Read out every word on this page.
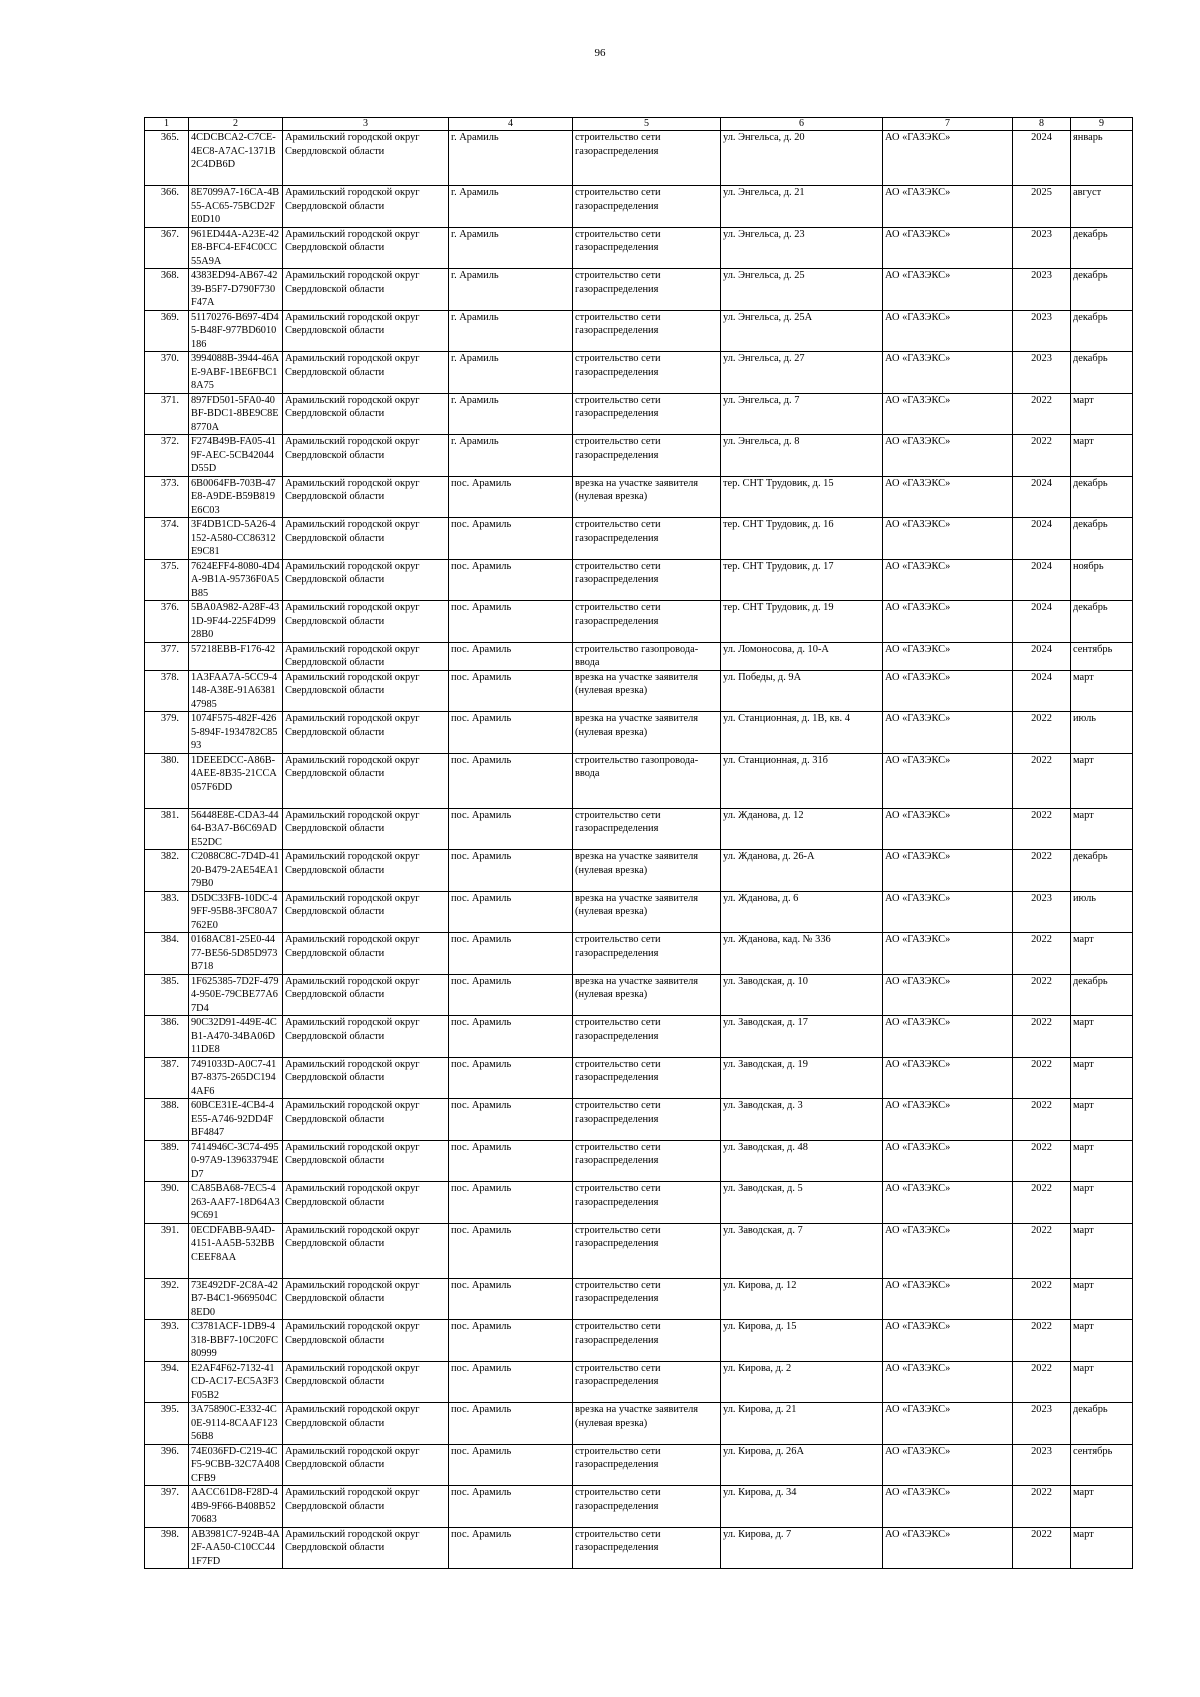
96
1	2	3	4	5	6	7	8	9
365.	4CDCBCA2-C7CE-4EC8-A7AC-1371B2C4DB6D	Арамильский городской округ Свердловской области	г. Арамиль	строительство сети газораспределения	ул. Энгельса, д. 20	АО «ГАЗЭКС»	2024	январь
366.	8E7099A7-16CA-4B55-AC65-75BCD2FE0D10	Арамильский городской округ Свердловской области	г. Арамиль	строительство сети газораспределения	ул. Энгельса, д. 21	АО «ГАЗЭКС»	2025	август
367.	961ED44A-A23E-42E8-BFC4-EF4C0CC55A9A	Арамильский городской округ Свердловской области	г. Арамиль	строительство сети газораспределения	ул. Энгельса, д. 23	АО «ГАЗЭКС»	2023	декабрь
368.	4383ED94-AB67-4239-B5F7-D790F730F47A	Арамильский городской округ Свердловской области	г. Арамиль	строительство сети газораспределения	ул. Энгельса, д. 25	АО «ГАЗЭКС»	2023	декабрь
369.	51170276-B697-4D45-B48F-977BD6010186	Арамильский городской округ Свердловской области	г. Арамиль	строительство сети газораспределения	ул. Энгельса, д. 25А	АО «ГАЗЭКС»	2023	декабрь
370.	3994088B-3944-46AE-9ABF-1BE6FBC18A75	Арамильский городской округ Свердловской области	г. Арамиль	строительство сети газораспределения	ул. Энгельса, д. 27	АО «ГАЗЭКС»	2023	декабрь
371.	897FD501-5FA0-40BF-BDC1-8BE9C8E8770A	Арамильский городской округ Свердловской области	г. Арамиль	строительство сети газораспределения	ул. Энгельса, д. 7	АО «ГАЗЭКС»	2022	март
372.	F274B49B-FA05-419F-AEC-5CB42044D55D	Арамильский городской округ Свердловской области	г. Арамиль	строительство сети газораспределения	ул. Энгельса, д. 8	АО «ГАЗЭКС»	2022	март
373.	6B0064FB-703B-47E8-A9DE-B59B819E6C03	Арамильский городской округ Свердловской области	пос. Арамиль	врезка на участке заявителя (нулевая врезка)	тер. СНТ Трудовик, д. 15	АО «ГАЗЭКС»	2024	декабрь
374.	3F4DB1CD-5A26-4152-A580-CC86312E9C81	Арамильский городской округ Свердловской области	пос. Арамиль	строительство сети газораспределения	тер. СНТ Трудовик, д. 16	АО «ГАЗЭКС»	2024	декабрь
375.	7624EFF4-8080-4D4A-9B1A-95736F0A5B85	Арамильский городской округ Свердловской области	пос. Арамиль	строительство сети газораспределения	тер. СНТ Трудовик, д. 17	АО «ГАЗЭКС»	2024	ноябрь
376.	5BA0A982-A28F-431D-9F44-225F4D9928B0	Арамильский городской округ Свердловской области	пос. Арамиль	строительство сети газораспределения	тер. СНТ Трудовик, д. 19	АО «ГАЗЭКС»	2024	декабрь
377.	57218EBB-F176-42	Арамильский городской округ Свердловской области	пос. Арамиль	строительство газопровода-ввода	ул. Ломоносова, д. 10-А	АО «ГАЗЭКС»	2024	сентябрь
378.	1A3FAA7A-5CC9-4148-A38E-91A638147985	Арамильский городской округ Свердловской области	пос. Арамиль	врезка на участке заявителя (нулевая врезка)	ул. Победы, д. 9А	АО «ГАЗЭКС»	2024	март
379.	1074F575-482F-4265-894F-1934782C8593	Арамильский городской округ Свердловской области	пос. Арамиль	врезка на участке заявителя (нулевая врезка)	ул. Станционная, д. 1В, кв. 4	АО «ГАЗЭКС»	2022	июль
380.	1DEEEDCC-A86B-4AEE-8B35-21CCA057F6DD	Арамильский городской округ Свердловской области	пос. Арамиль	строительство газопровода-ввода	ул. Станционная, д. 31б	АО «ГАЗЭКС»	2022	март
381.	56448E8E-CDA3-4464-B3A7-B6C69ADE52DC	Арамильский городской округ Свердловской области	пос. Арамиль	строительство сети газораспределения	ул. Жданова, д. 12	АО «ГАЗЭКС»	2022	март
382.	C2088C8C-7D4D-4120-B479-2AE54EA179B0	Арамильский городской округ Свердловской области	пос. Арамиль	врезка на участке заявителя (нулевая врезка)	ул. Жданова, д. 26-А	АО «ГАЗЭКС»	2022	декабрь
383.	D5DC33FB-10DC-49FF-95B8-3FC80A7762E0	Арамильский городской округ Свердловской области	пос. Арамиль	врезка на участке заявителя (нулевая врезка)	ул. Жданова, д. 6	АО «ГАЗЭКС»	2023	июль
384.	0168AC81-25E0-4477-BE56-5D85D973B718	Арамильский городской округ Свердловской области	пос. Арамиль	строительство сети газораспределения	ул. Жданова, кад. № 336	АО «ГАЗЭКС»	2022	март
385.	1F625385-7D2F-4794-950E-79CBE77A67D4	Арамильский городской округ Свердловской области	пос. Арамиль	врезка на участке заявителя (нулевая врезка)	ул. Заводская, д. 10	АО «ГАЗЭКС»	2022	декабрь
386.	90C32D91-449E-4CB1-A470-34BA06D11DE8	Арамильский городской округ Свердловской области	пос. Арамиль	строительство сети газораспределения	ул. Заводская, д. 17	АО «ГАЗЭКС»	2022	март
387.	7491033D-A0C7-41B7-8375-265DC1944AF6	Арамильский городской округ Свердловской области	пос. Арамиль	строительство сети газораспределения	ул. Заводская, д. 19	АО «ГАЗЭКС»	2022	март
388.	60BCE31E-4CB4-4E55-A746-92DD4FBF4847	Арамильский городской округ Свердловской области	пос. Арамиль	строительство сети газораспределения	ул. Заводская, д. 3	АО «ГАЗЭКС»	2022	март
389.	7414946C-3C74-4950-97A9-139633794ED7	Арамильский городской округ Свердловской области	пос. Арамиль	строительство сети газораспределения	ул. Заводская, д. 48	АО «ГАЗЭКС»	2022	март
390.	CA85BA68-7EC5-4263-AAF7-18D64A39C691	Арамильский городской округ Свердловской области	пос. Арамиль	строительство сети газораспределения	ул. Заводская, д. 5	АО «ГАЗЭКС»	2022	март
391.	0ECDFABB-9A4D-4151-AA5B-532BBCEEF8AA	Арамильский городской округ Свердловской области	пос. Арамиль	строительство сети газораспределения	ул. Заводская, д. 7	АО «ГАЗЭКС»	2022	март
392.	73E492DF-2C8A-42B7-B4C1-9669504C8ED0	Арамильский городской округ Свердловской области	пос. Арамиль	строительство сети газораспределения	ул. Кирова, д. 12	АО «ГАЗЭКС»	2022	март
393.	C3781ACF-1DB9-4318-BBF7-10C20FC80999	Арамильский городской округ Свердловской области	пос. Арамиль	строительство сети газораспределения	ул. Кирова, д. 15	АО «ГАЗЭКС»	2022	март
394.	E2AF4F62-7132-41CD-AC17-EC5A3F3F05B2	Арамильский городской округ Свердловской области	пос. Арамиль	строительство сети газораспределения	ул. Кирова, д. 2	АО «ГАЗЭКС»	2022	март
395.	3A75890C-E332-4C0E-9114-8CAAF12356B8	Арамильский городской округ Свердловской области	пос. Арамиль	врезка на участке заявителя (нулевая врезка)	ул. Кирова, д. 21	АО «ГАЗЭКС»	2023	декабрь
396.	74E036FD-C219-4CF5-9CBB-32C7A408CFB9	Арамильский городской округ Свердловской области	пос. Арамиль	строительство сети газораспределения	ул. Кирова, д. 26А	АО «ГАЗЭКС»	2023	сентябрь
397.	AACC61D8-F28D-44B9-9F66-B408B5270683	Арамильский городской округ Свердловской области	пос. Арамиль	строительство сети газораспределения	ул. Кирова, д. 34	АО «ГАЗЭКС»	2022	март
398.	AB3981C7-924B-4A2F-AA50-C10CC441F7FD	Арамильский городской округ Свердловской области	пос. Арамиль	строительство сети газораспределения	ул. Кирова, д. 7	АО «ГАЗЭКС»	2022	март
